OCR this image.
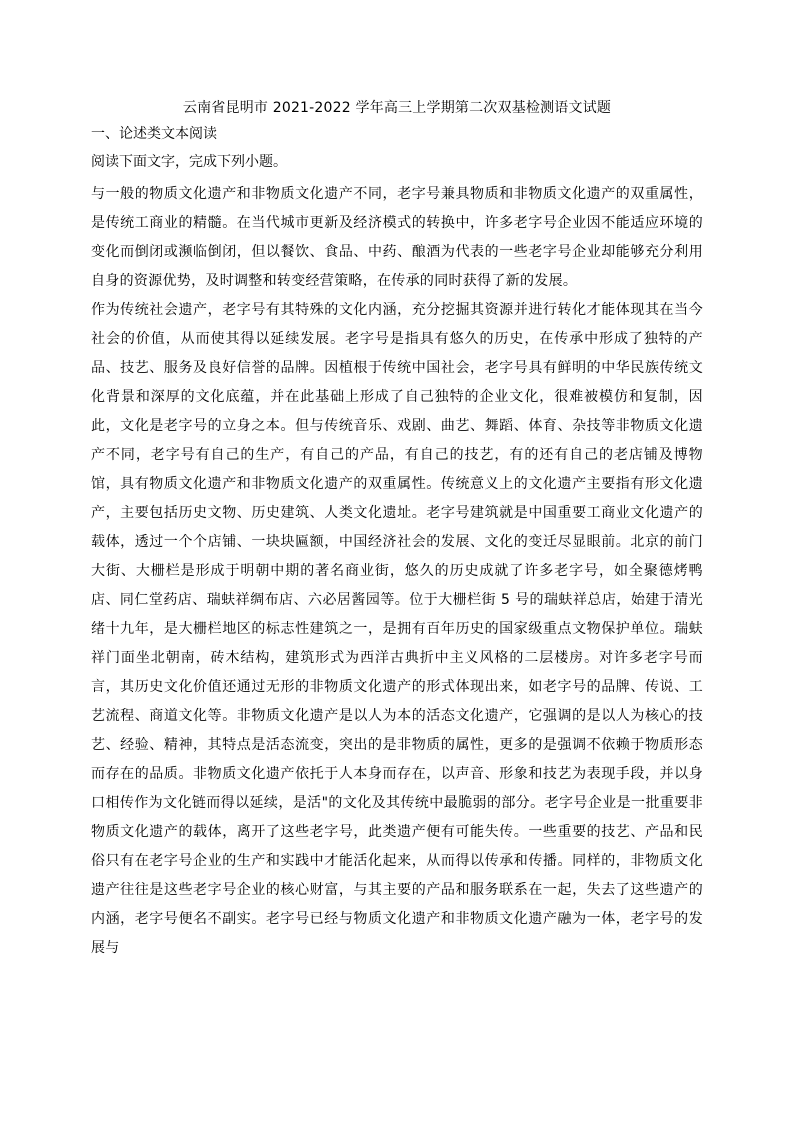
云南省昆明市 2021-2022 学年高三上学期第二次双基检测语文试题
一、论述类文本阅读
阅读下面文字，完成下列小题。

与一般的物质文化遗产和非物质文化遗产不同，老字号兼具物质和非物质文化遗产的双重属性，是传统工商业的精髓。在当代城市更新及经济模式的转换中，许多老字号企业因不能适应环境的变化而倒闭或濒临倒闭，但以餐饮、食品、中药、酿酒为代表的一些老字号企业却能够充分利用自身的资源优势，及时调整和转变经营策略，在传承的同时获得了新的发展。

作为传统社会遗产，老字号有其特殊的文化内涵，充分挖掘其资源并进行转化才能体现其在当今社会的价值，从而使其得以延续发展。老字号是指具有悠久的历史，在传承中形成了独特的产品、技艺、服务及良好信誉的品牌。因植根于传统中国社会，老字号具有鲜明的中华民族传统文化背景和深厚的文化底蕴，并在此基础上形成了自己独特的企业文化，很难被模仿和复制，因此，文化是老字号的立身之本。但与传统音乐、戏剧、曲艺、舞蹈、体育、杂技等非物质文化遗产不同，老字号有自己的生产，有自己的产品，有自己的技艺，有的还有自己的老店铺及博物馆，具有物质文化遗产和非物质文化遗产的双重属性。传统意义上的文化遗产主要指有形文化遗产，主要包括历史文物、历史建筑、人类文化遗址。老字号建筑就是中国重要工商业文化遗产的载体，透过一个个店铺、一块块匾额，中国经济社会的发展、文化的变迁尽显眼前。北京的前门大街、大栅栏是形成于明朝中期的著名商业街，悠久的历史成就了许多老字号，如全聚德烤鸭店、同仁堂药店、瑞蚨祥绸布店、六必居酱园等。位于大栅栏街 5 号的瑞蚨祥总店，始建于清光绪十九年，是大栅栏地区的标志性建筑之一，是拥有百年历史的国家级重点文物保护单位。瑞蚨祥门面坐北朝南，砖木结构，建筑形式为西洋古典折中主义风格的二层楼房。对许多老字号而言，其历史文化价值还通过无形的非物质文化遗产的形式体现出来，如老字号的品牌、传说、工艺流程、商道文化等。非物质文化遗产是以人为本的活态文化遗产，它强调的是以人为核心的技艺、经验、精神，其特点是活态流变，突出的是非物质的属性，更多的是强调不依赖于物质形态而存在的品质。非物质文化遗产依托于人本身而存在，以声音、形象和技艺为表现手段，并以身口相传作为文化链而得以延续，是活"的文化及其传统中最脆弱的部分。老字号企业是一批重要非物质文化遗产的载体，离开了这些老字号，此类遗产便有可能失传。一些重要的技艺、产品和民俗只有在老字号企业的生产和实践中才能活化起来，从而得以传承和传播。同样的，非物质文化遗产往往是这些老字号企业的核心财富，与其主要的产品和服务联系在一起，失去了这些遗产的内涵，老字号便名不副实。老字号已经与物质文化遗产和非物质文化遗产融为一体，老字号的发展与
